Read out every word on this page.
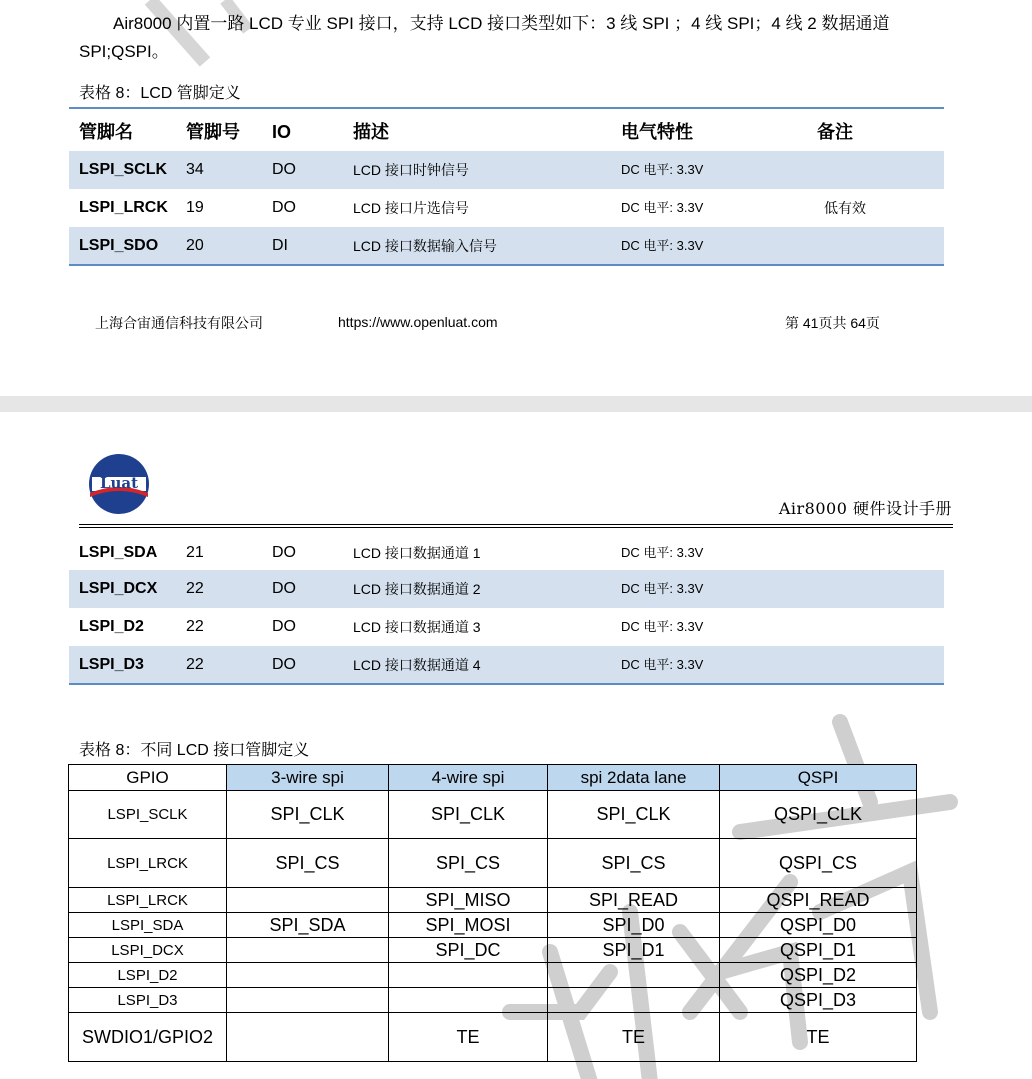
Air8000 内置一路 LCD 专业 SPI 接口，支持 LCD 接口类型如下：3 线 SPI ；4 线 SPI；4 线 2 数据通道 SPI;QSPI。
表格 8：LCD 管脚定义
管脚名	管脚号 IO	描述	电气特性	备注
LSPI_SCLK 34	DO	LCD 接口时钟信号	DC 电平: 3.3V
LSPI_LRCK 19	DO	LCD 接口片选信号	DC 电平: 3.3V	低有效
LSPI_SDO 20	DI	LCD 接口数据输入信号	DC 电平: 3.3V
上海合宙通信科技有限公司	https://www.openluat.com	第 41页共 64页
Luat
Air8000 硬件设计手册
LSPI_SDA 21	DO	LCD 接口数据通道 1	DC 电平: 3.3V
LSPI_DCX 22	DO	LCD 接口数据通道 2	DC 电平: 3.3V
LSPI_D2	22	DO	LCD 接口数据通道 3	DC 电平: 3.3V
LSPI_D3	22	DO	LCD 接口数据通道 4	DC 电平: 3.3V
表格 8：不同 LCD 接口管脚定义
GPIO	3-wire spi	4-wire spi	spi 2data lane	QSPI
LSPI_SCLK	SPI_CLK	SPI_CLK	SPI_CLK	QSPI_CLK
LSPI_LRCK	SPI_CS	SPI_CS	SPI_CS	QSPI_CS
LSPI_LRCK		SPI_MISO	SPI_READ	QSPI_READ
LSPI_SDA	SPI_SDA	SPI_MOSI	SPI_D0	QSPI_D0
LSPI_DCX		SPI_DC	SPI_D1	QSPI_D1
LSPI_D2				QSPI_D2
LSPI_D3				QSPI_D3
SWDIO1/GPIO2		TE	TE	TE
